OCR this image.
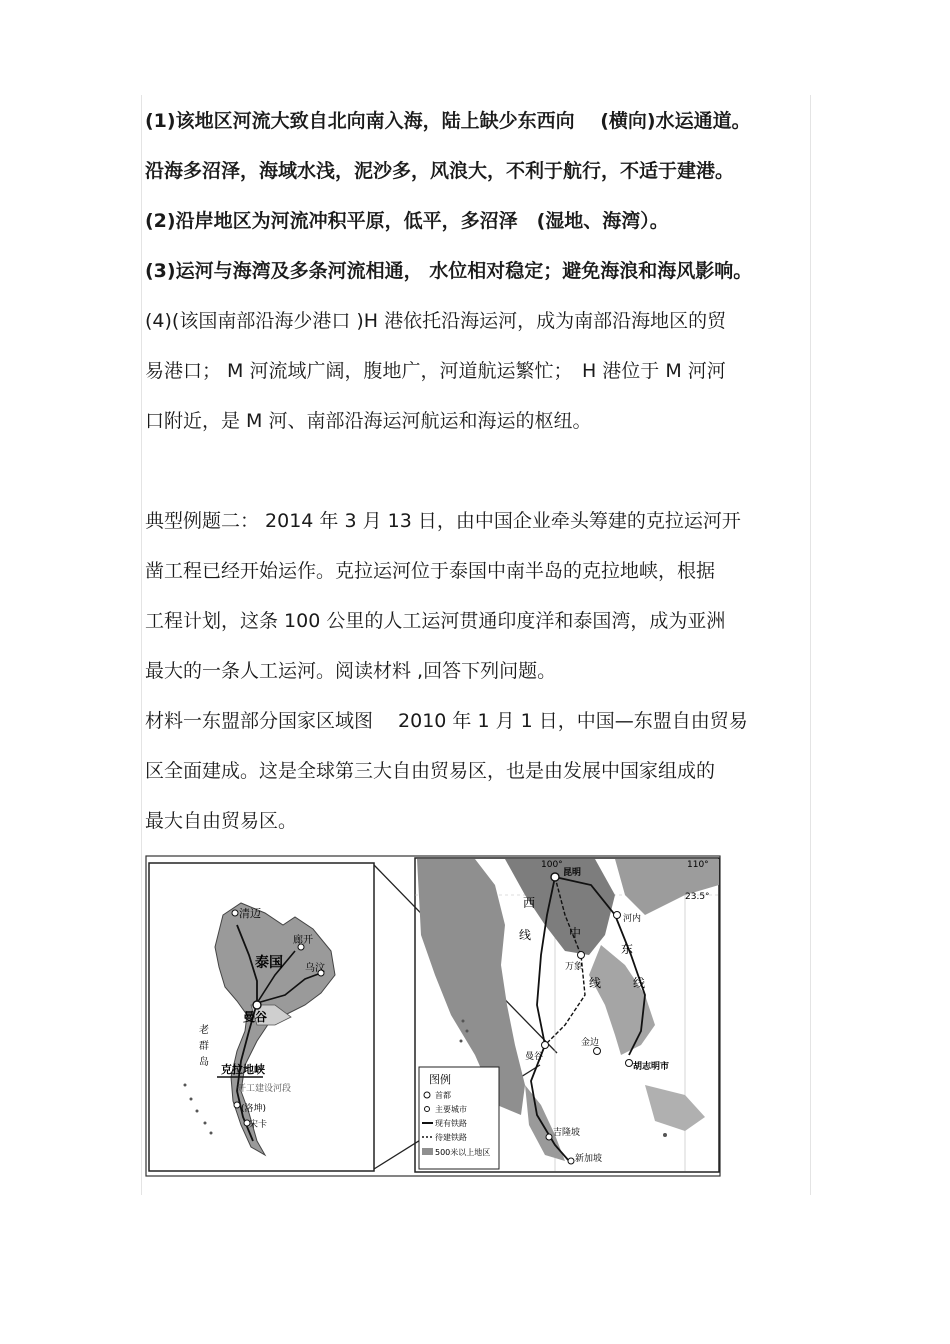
(1)该地区河流大致自北向南入海，陆上缺少东西向　 (横向)水运通道。
沿海多沼泽，海域水浅，泥沙多，风浪大，不利于航行，不适于建港。
(2)沿岸地区为河流冲积平原，低平，多沼泽　(湿地、海湾）。
(3)运河与海湾及多条河流相通， 水位相对稳定；避免海浪和海风影响。
(4)(该国南部沿海少港口 )H 港依托沿海运河，成为南部沿海地区的贸
易港口； M 河流域广阔，腹地广，河道航运繁忙；　H 港位于 M 河河
口附近，是 M 河、南部沿海运河航运和海运的枢纽。
典型例题二： 2014 年 3 月 13 日，由中国企业牵头筹建的克拉运河开
凿工程已经开始运作。克拉运河位于泰国中南半岛的克拉地峡，根据
工程计划，这条 100 公里的人工运河贯通印度洋和泰国湾，成为亚洲
最大的一条人工运河。阅读材料 ,回答下列问题。
材料一东盟部分国家区域图　 2010 年 1 月 1 日，中国—东盟自由贸易
区全面建成。这是全球第三大自由贸易区，也是由发展中国家组成的
最大自由贸易区。
清迈
廊开
乌汶
泰国
曼谷
克拉地峡
开工建设河段
(洛坤)
宋卡
老
群
岛
100°	110°
23.5°
昆明
河内
万象
曼谷
金边
胡志明市
吉隆坡
新加坡
西
线	中
线
东
线
图例
首都
主要城市
现有铁路
待建铁路
500米以上地区
